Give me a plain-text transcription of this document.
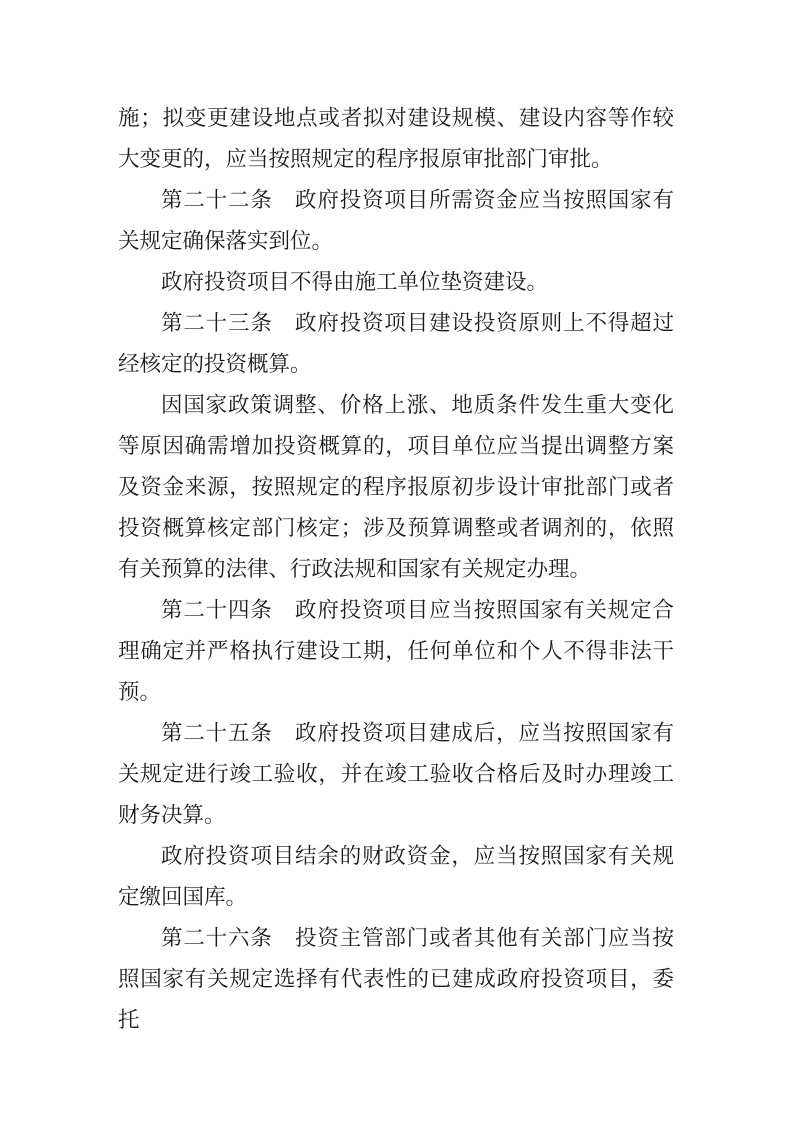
施；拟变更建设地点或者拟对建设规模、建设内容等作较大变更的，应当按照规定的程序报原审批部门审批。

第二十二条　政府投资项目所需资金应当按照国家有关规定确保落实到位。

政府投资项目不得由施工单位垫资建设。

第二十三条　政府投资项目建设投资原则上不得超过经核定的投资概算。

因国家政策调整、价格上涨、地质条件发生重大变化等原因确需增加投资概算的，项目单位应当提出调整方案及资金来源，按照规定的程序报原初步设计审批部门或者投资概算核定部门核定；涉及预算调整或者调剂的，依照有关预算的法律、行政法规和国家有关规定办理。

第二十四条　政府投资项目应当按照国家有关规定合理确定并严格执行建设工期，任何单位和个人不得非法干预。

第二十五条　政府投资项目建成后，应当按照国家有关规定进行竣工验收，并在竣工验收合格后及时办理竣工财务决算。

政府投资项目结余的财政资金，应当按照国家有关规定缴回国库。

第二十六条　投资主管部门或者其他有关部门应当按照国家有关规定选择有代表性的已建成政府投资项目，委托
